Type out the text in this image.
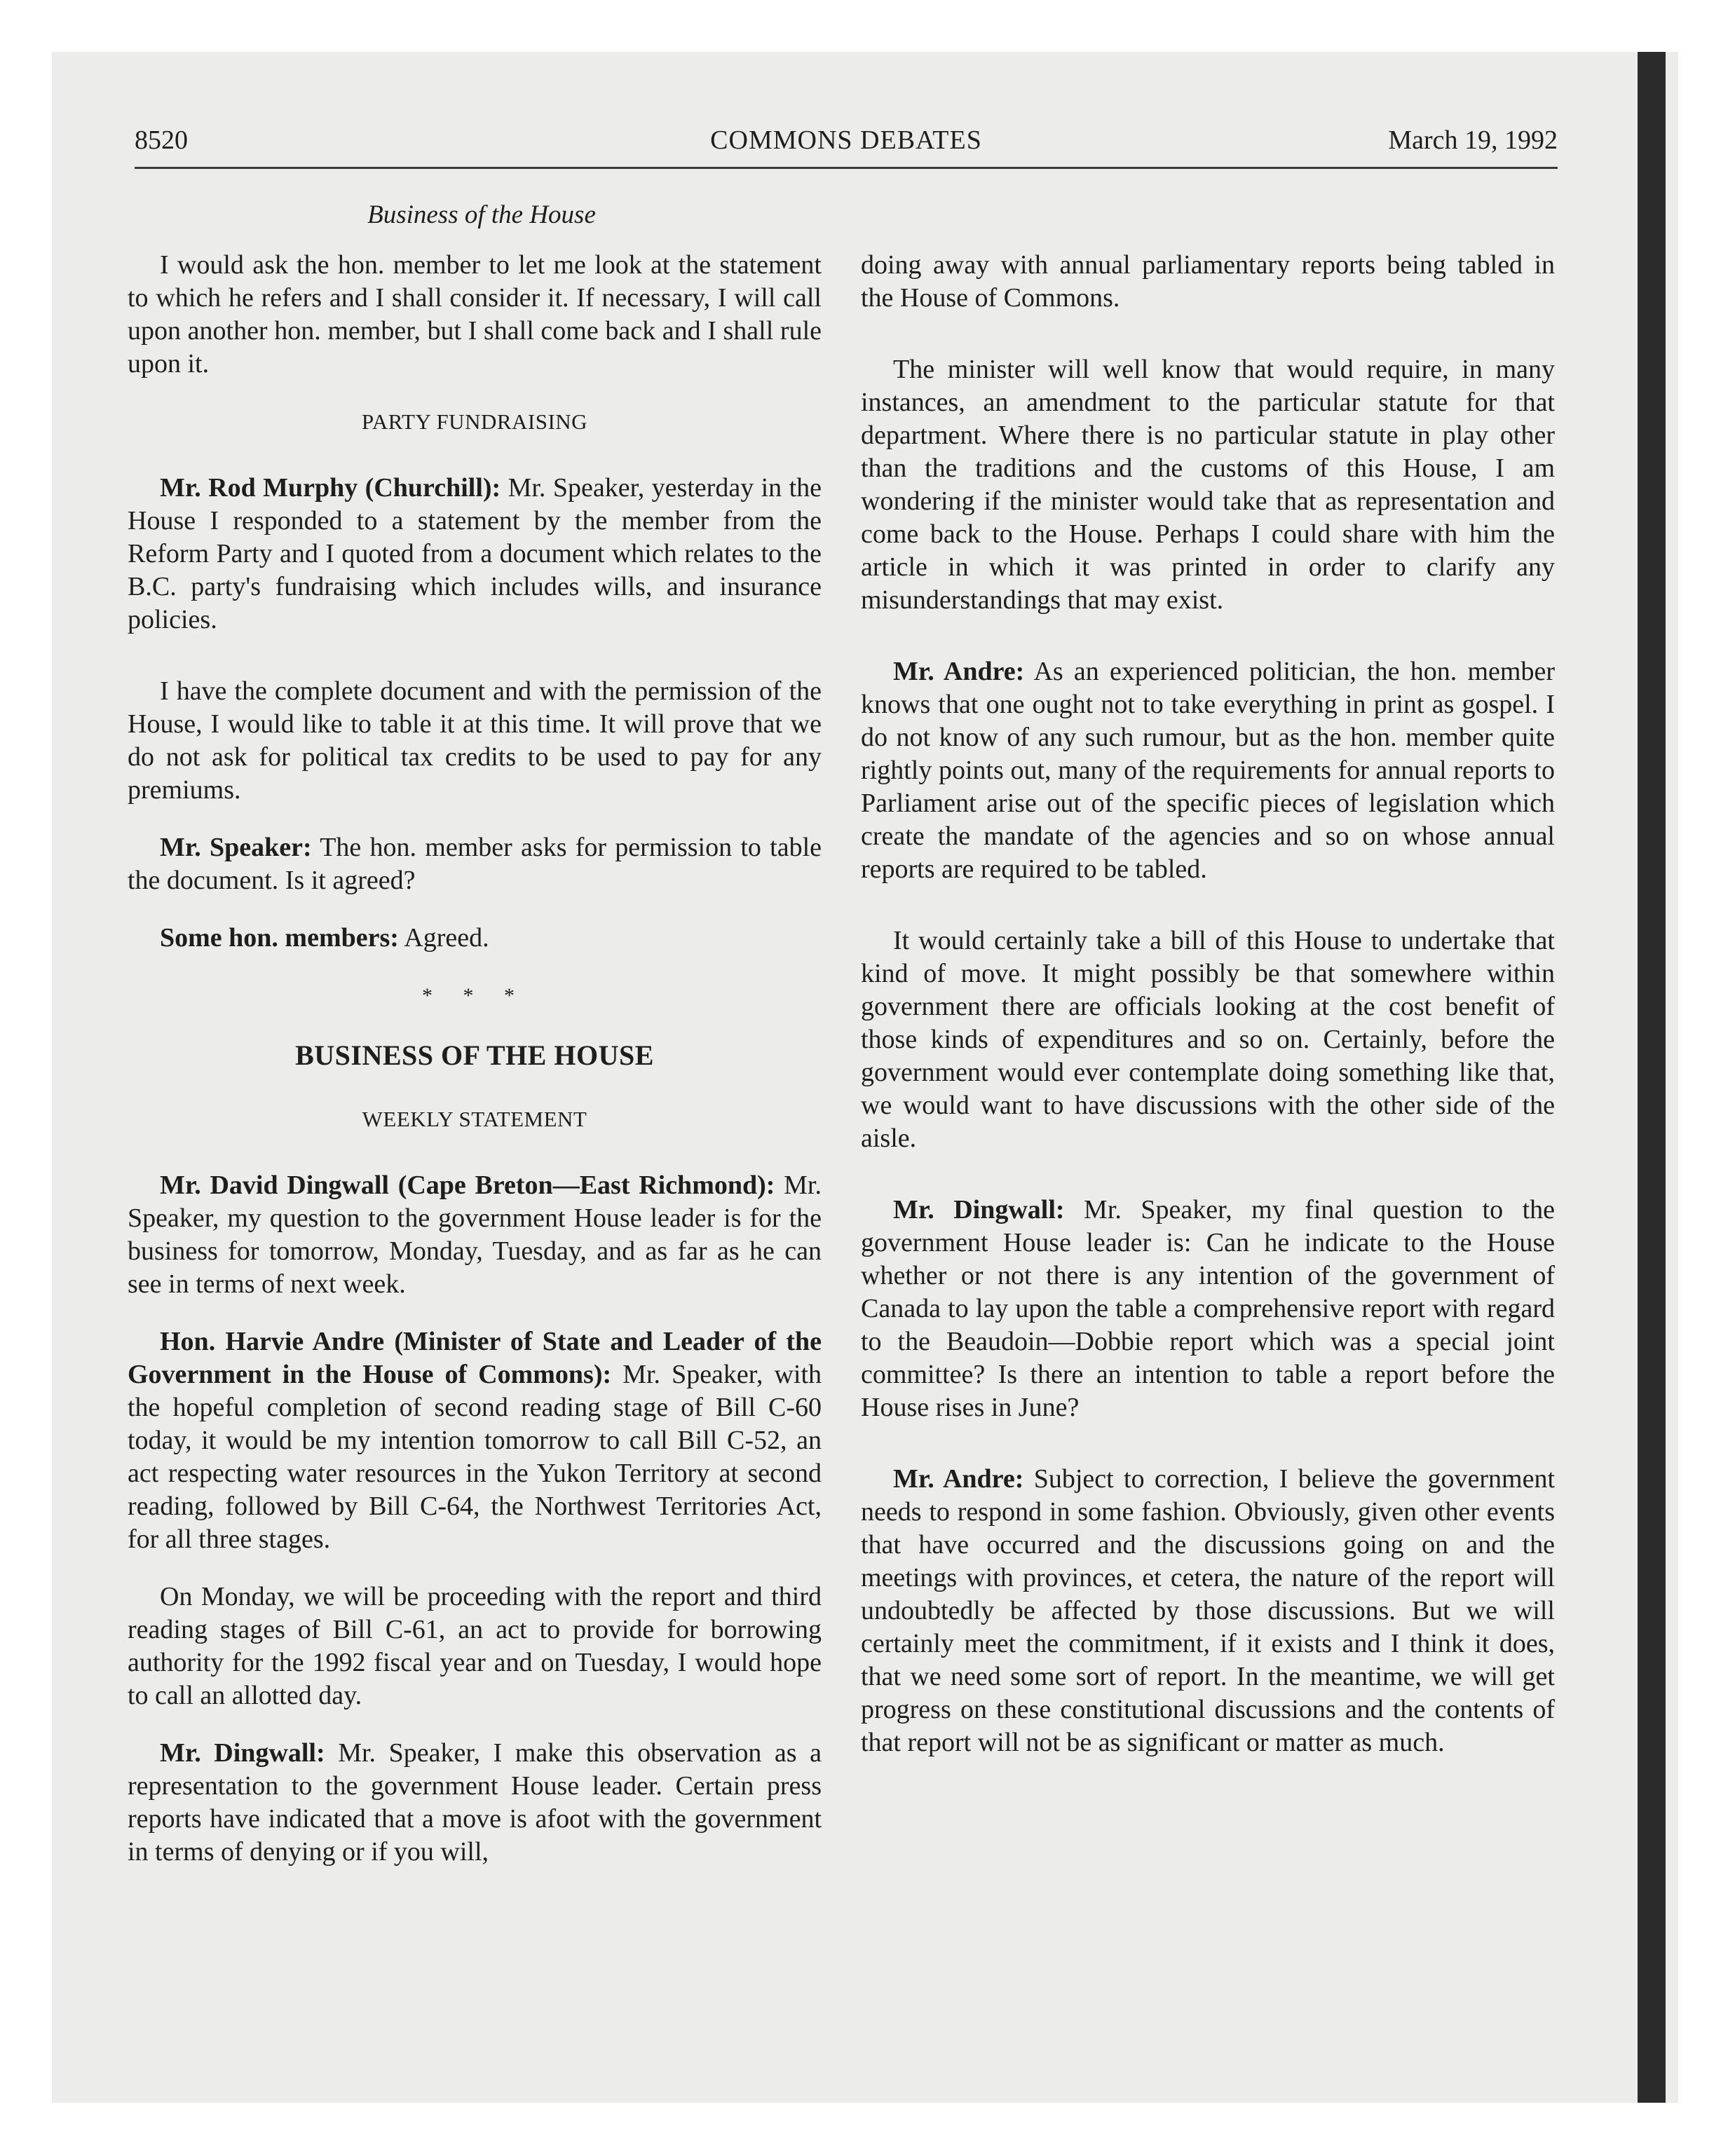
8520	COMMONS DEBATES	March 19, 1992
Business of the House

I would ask the hon. member to let me look at the statement to which he refers and I shall consider it. If necessary, I will call upon another hon. member, but I shall come back and I shall rule upon it.

PARTY FUNDRAISING

Mr. Rod Murphy (Churchill): Mr. Speaker, yesterday in the House I responded to a statement by the member from the Reform Party and I quoted from a document which relates to the B.C. party's fundraising which includes wills, and insurance policies.

I have the complete document and with the permission of the House, I would like to table it at this time. It will prove that we do not ask for political tax credits to be used to pay for any premiums.

Mr. Speaker: The hon. member asks for permission to table the document. Is it agreed?

Some hon. members: Agreed.

* * *

BUSINESS OF THE HOUSE

WEEKLY STATEMENT

Mr. David Dingwall (Cape Breton—East Richmond): Mr. Speaker, my question to the government House leader is for the business for tomorrow, Monday, Tuesday, and as far as he can see in terms of next week.

Hon. Harvie Andre (Minister of State and Leader of the Government in the House of Commons): Mr. Speaker, with the hopeful completion of second reading stage of Bill C-60 today, it would be my intention tomorrow to call Bill C-52, an act respecting water resources in the Yukon Territory at second reading, followed by Bill C-64, the Northwest Territories Act, for all three stages.

On Monday, we will be proceeding with the report and third reading stages of Bill C-61, an act to provide for borrowing authority for the 1992 fiscal year and on Tuesday, I would hope to call an allotted day.

Mr. Dingwall: Mr. Speaker, I make this observation as a representation to the government House leader. Certain press reports have indicated that a move is afoot with the government in terms of denying or if you will,

doing away with annual parliamentary reports being tabled in the House of Commons.

The minister will well know that would require, in many instances, an amendment to the particular statute for that department. Where there is no particular statute in play other than the traditions and the customs of this House, I am wondering if the minister would take that as representation and come back to the House. Perhaps I could share with him the article in which it was printed in order to clarify any misunderstandings that may exist.

Mr. Andre: As an experienced politician, the hon. member knows that one ought not to take everything in print as gospel. I do not know of any such rumour, but as the hon. member quite rightly points out, many of the requirements for annual reports to Parliament arise out of the specific pieces of legislation which create the mandate of the agencies and so on whose annual reports are required to be tabled.

It would certainly take a bill of this House to undertake that kind of move. It might possibly be that somewhere within government there are officials looking at the cost benefit of those kinds of expenditures and so on. Certainly, before the government would ever contemplate doing something like that, we would want to have discussions with the other side of the aisle.

Mr. Dingwall: Mr. Speaker, my final question to the government House leader is: Can he indicate to the House whether or not there is any intention of the government of Canada to lay upon the table a comprehensive report with regard to the Beaudoin—Dobbie report which was a special joint committee? Is there an intention to table a report before the House rises in June?

Mr. Andre: Subject to correction, I believe the government needs to respond in some fashion. Obviously, given other events that have occurred and the discussions going on and the meetings with provinces, et cetera, the nature of the report will undoubtedly be affected by those discussions. But we will certainly meet the commitment, if it exists and I think it does, that we need some sort of report. In the meantime, we will get progress on these constitutional discussions and the contents of that report will not be as significant or matter as much.
